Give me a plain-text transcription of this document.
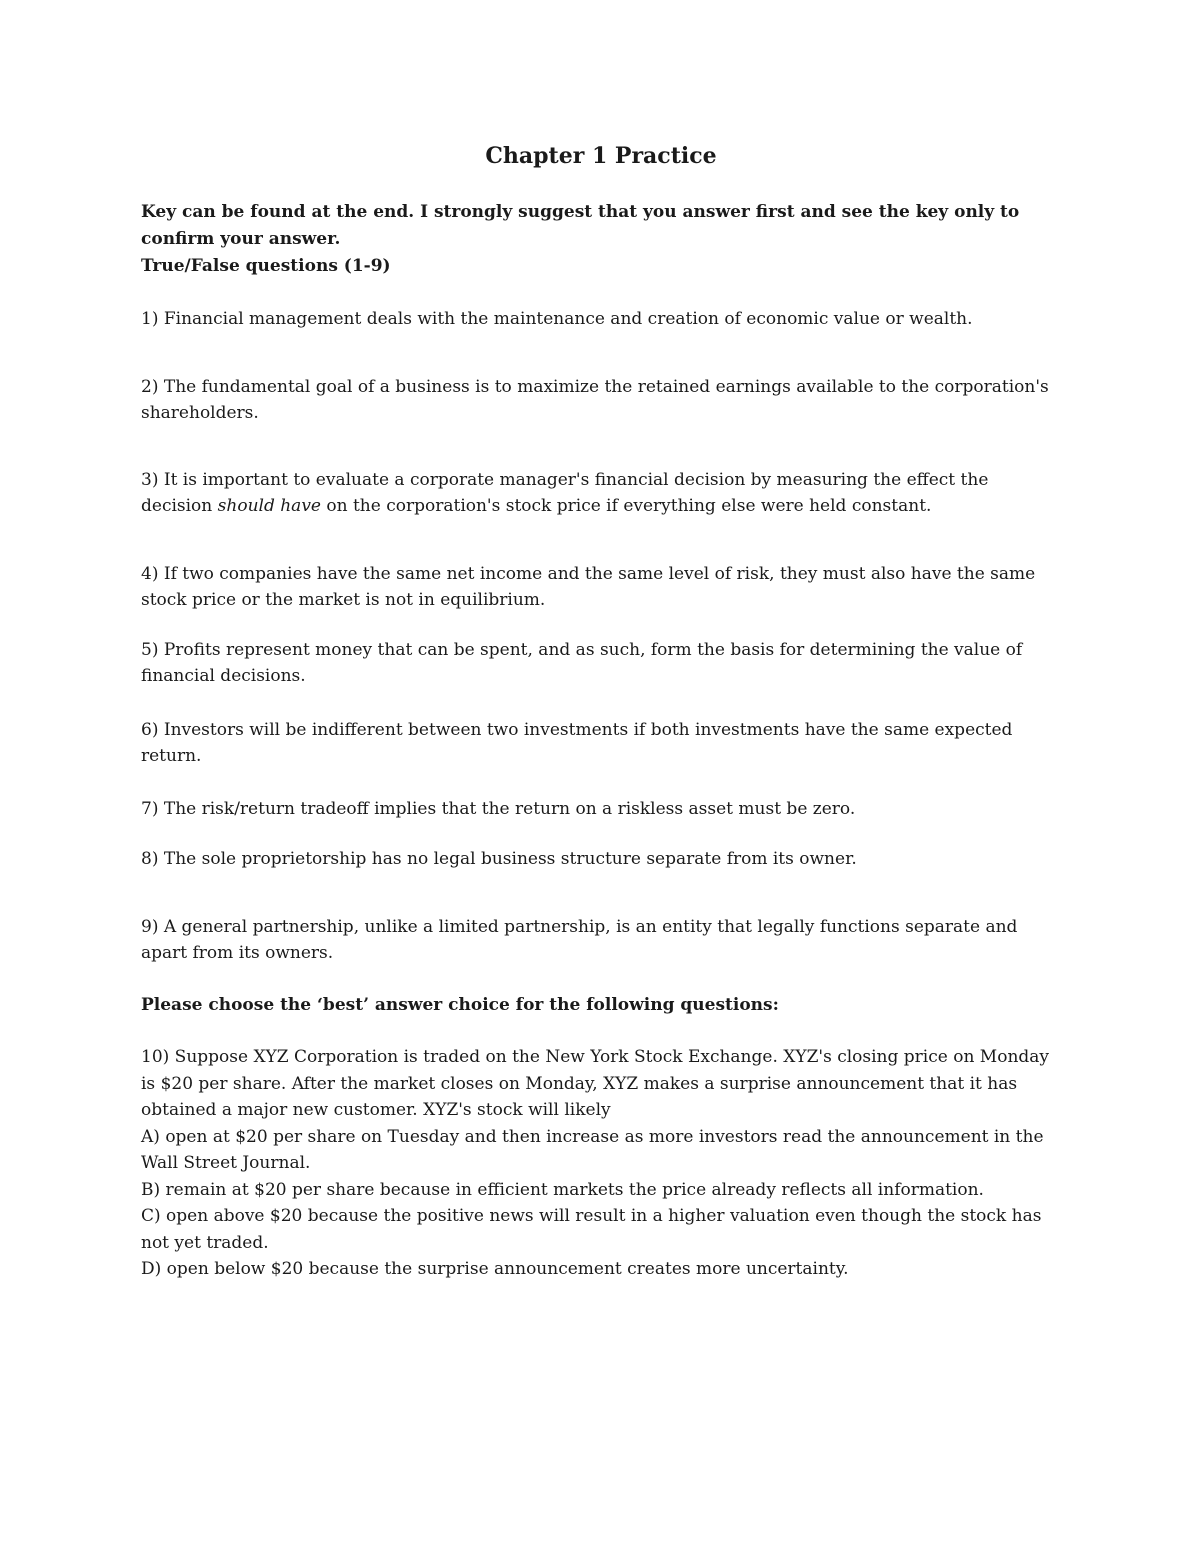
Chapter 1 Practice

Key can be found at the end. I strongly suggest that you answer first and see the key only to confirm your answer.

True/False questions (1-9)

1) Financial management deals with the maintenance and creation of economic value or wealth.

2) The fundamental goal of a business is to maximize the retained earnings available to the corporation's shareholders.

3) It is important to evaluate a corporate manager's financial decision by measuring the effect the decision should have on the corporation's stock price if everything else were held constant.

4) If two companies have the same net income and the same level of risk, they must also have the same stock price or the market is not in equilibrium.

5) Profits represent money that can be spent, and as such, form the basis for determining the value of financial decisions.

6) Investors will be indifferent between two investments if both investments have the same expected return.

7) The risk/return tradeoff implies that the return on a riskless asset must be zero.

8) The sole proprietorship has no legal business structure separate from its owner.

9) A general partnership, unlike a limited partnership, is an entity that legally functions separate and apart from its owners.

Please choose the ‘best’ answer choice for the following questions:

10) Suppose XYZ Corporation is traded on the New York Stock Exchange. XYZ's closing price on Monday is $20 per share. After the market closes on Monday, XYZ makes a surprise announcement that it has obtained a major new customer. XYZ's stock will likely

A) open at $20 per share on Tuesday and then increase as more investors read the announcement in the Wall Street Journal.

B) remain at $20 per share because in efficient markets the price already reflects all information.

C) open above $20 because the positive news will result in a higher valuation even though the stock has not yet traded.

D) open below $20 because the surprise announcement creates more uncertainty.
